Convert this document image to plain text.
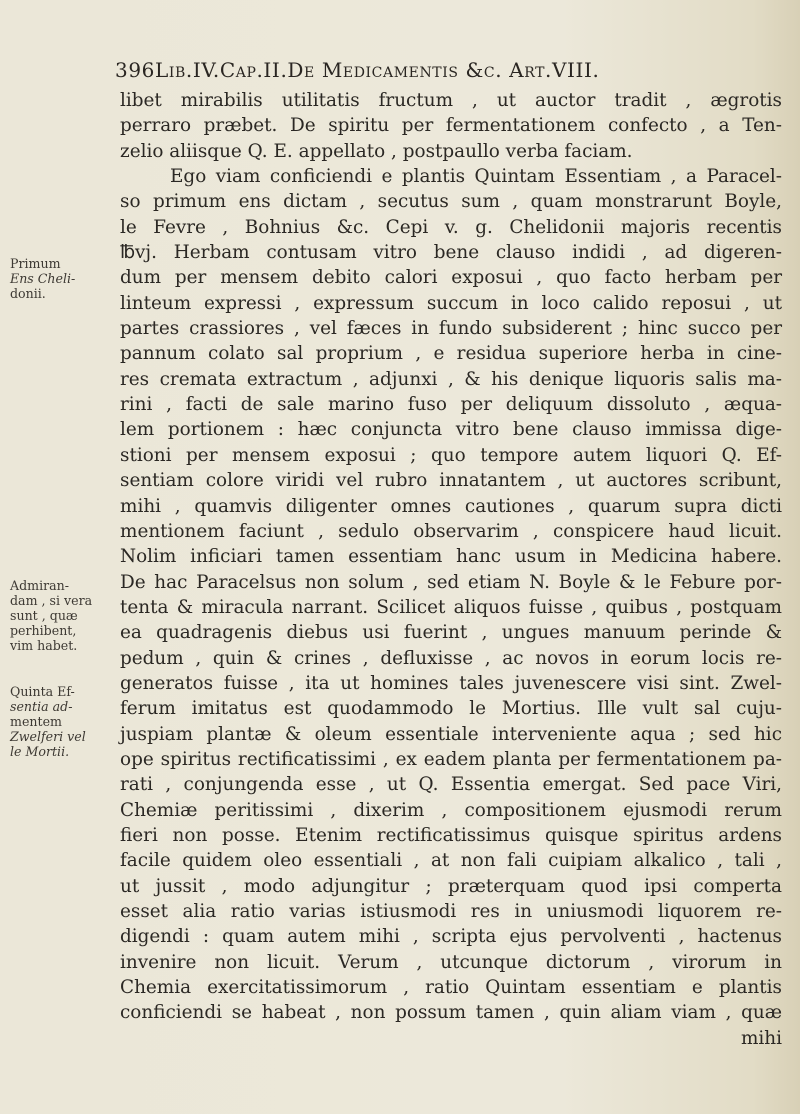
396Lib.IV.Cap.II.De Medicamentis &c. Art.VIII.
Primum
Ens Cheli-
donii.
Admiran-
dam , si vera
sunt , quæ
perhibent,
vim habet.
Quinta Ef-
sentia ad-
mentem
Zwelferi vel
le Mortii.
libet mirabilis utilitatis fructum , ut auctor tradit , ægrotis
perraro præbet. De spiritu per fermentationem confecto , a Ten-
zelio aliisque Q. E. appellato , postpaullo verba faciam.
Ego viam conficiendi e plantis Quintam Essentiam , a Paracel-
so primum ens dictam , secutus sum , quam monstrarunt Boyle,
le Fevre , Bohnius &c. Cepi v. g. Chelidonii majoris recentis
℔vj. Herbam contusam vitro bene clauso indidi , ad digeren-
dum per mensem debito calori exposui , quo facto herbam per
linteum expressi , expressum succum in loco calido reposui , ut
partes crassiores , vel fæces in fundo subsiderent ; hinc succo per
pannum colato sal proprium , e residua superiore herba in cine-
res cremata extractum , adjunxi , & his denique liquoris salis ma-
rini , facti de sale marino fuso per deliquum dissoluto , æqua-
lem portionem : hæc conjuncta vitro bene clauso immissa dige-
stioni per mensem exposui ; quo tempore autem liquori Q. Ef-
sentiam colore viridi vel rubro innatantem , ut auctores scribunt,
mihi , quamvis diligenter omnes cautiones , quarum supra dicti
mentionem faciunt , sedulo observarim , conspicere haud licuit.
Nolim inficiari tamen essentiam hanc usum in Medicina habere.
De hac Paracelsus non solum , sed etiam N. Boyle & le Febure por-
tenta & miracula narrant. Scilicet aliquos fuisse , quibus , postquam
ea quadragenis diebus usi fuerint , ungues manuum perinde &
pedum , quin & crines , defluxisse , ac novos in eorum locis re-
generatos fuisse , ita ut homines tales juvenescere visi sint. Zwel-
ferum imitatus est quodammodo le Mortius. Ille vult sal cuju-
juspiam plantæ & oleum essentiale interveniente aqua ; sed hic
ope spiritus rectificatissimi , ex eadem planta per fermentationem pa-
rati , conjungenda esse , ut Q. Essentia emergat. Sed pace Viri,
Chemiæ peritissimi , dixerim , compositionem ejusmodi rerum
fieri non posse. Etenim rectificatissimus quisque spiritus ardens
facile quidem oleo essentiali , at non fali cuipiam alkalico , tali ,
ut jussit , modo adjungitur ; præterquam quod ipsi comperta
esset alia ratio varias istiusmodi res in uniusmodi liquorem re-
digendi : quam autem mihi , scripta ejus pervolventi , hactenus
invenire non licuit. Verum , utcunque dictorum , virorum in
Chemia exercitatissimorum , ratio Quintam essentiam e plantis
conficiendi se habeat , non possum tamen , quin aliam viam , quæ
mihi
